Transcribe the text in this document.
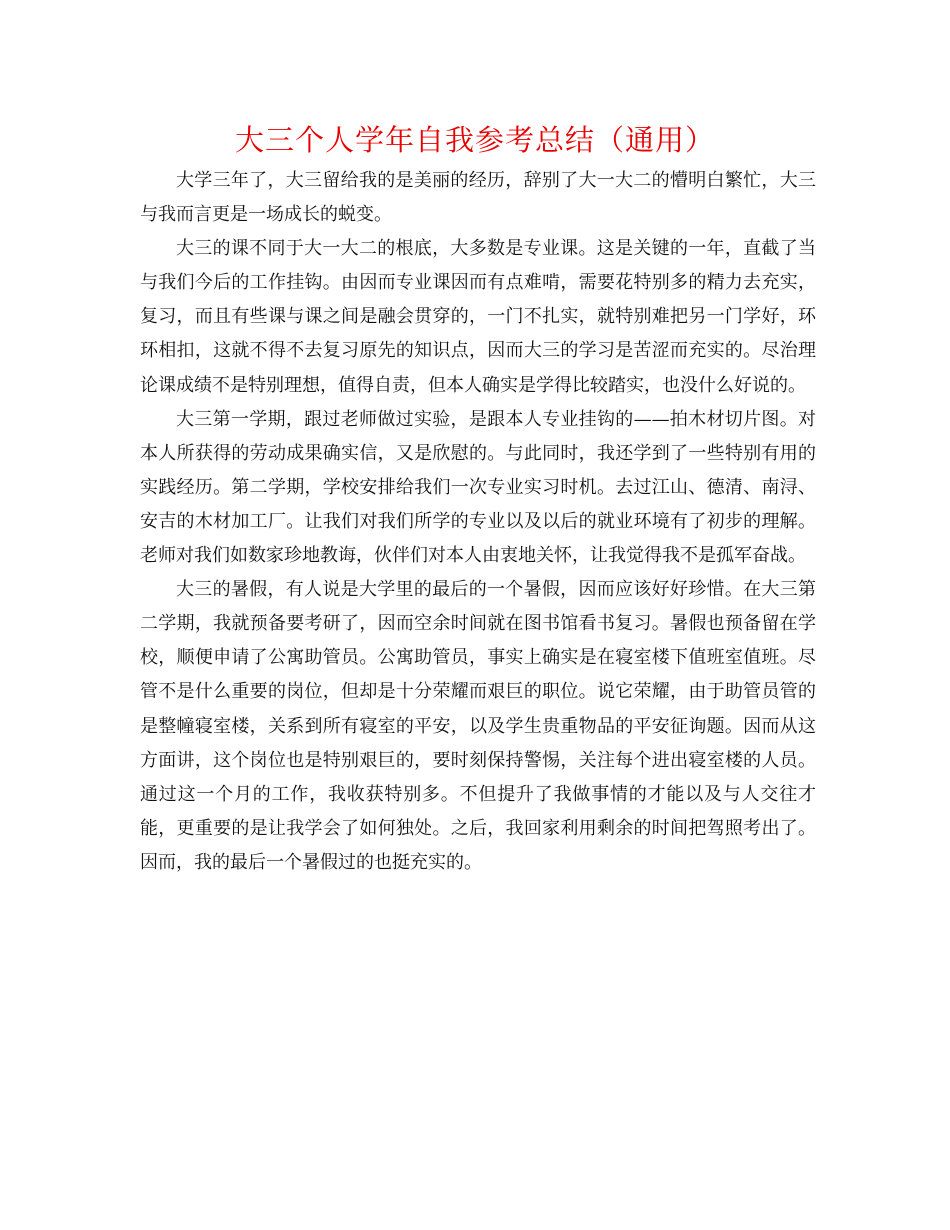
大三个人学年自我参考总结（通用）

大学三年了，大三留给我的是美丽的经历，辞别了大一大二的懵明白繁忙，大三与我而言更是一场成长的蜕变。

大三的课不同于大一大二的根底，大多数是专业课。这是关键的一年，直截了当与我们今后的工作挂钩。由因而专业课因而有点难啃，需要花特别多的精力去充实，复习，而且有些课与课之间是融会贯穿的，一门不扎实，就特别难把另一门学好，环环相扣，这就不得不去复习原先的知识点，因而大三的学习是苦涩而充实的。尽治理论课成绩不是特别理想，值得自责，但本人确实是学得比较踏实，也没什么好说的。

大三第一学期，跟过老师做过实验，是跟本人专业挂钩的——拍木材切片图。对本人所获得的劳动成果确实信，又是欣慰的。与此同时，我还学到了一些特别有用的实践经历。第二学期，学校安排给我们一次专业实习时机。去过江山、德清、南浔、安吉的木材加工厂。让我们对我们所学的专业以及以后的就业环境有了初步的理解。老师对我们如数家珍地教诲，伙伴们对本人由衷地关怀，让我觉得我不是孤军奋战。

大三的暑假，有人说是大学里的最后的一个暑假，因而应该好好珍惜。在大三第二学期，我就预备要考研了，因而空余时间就在图书馆看书复习。暑假也预备留在学校，顺便申请了公寓助管员。公寓助管员，事实上确实是在寝室楼下值班室值班。尽管不是什么重要的岗位，但却是十分荣耀而艰巨的职位。说它荣耀，由于助管员管的是整幢寝室楼，关系到所有寝室的平安，以及学生贵重物品的平安征询题。因而从这方面讲，这个岗位也是特别艰巨的，要时刻保持警惕，关注每个进出寝室楼的人员。通过这一个月的工作，我收获特别多。不但提升了我做事情的才能以及与人交往才能，更重要的是让我学会了如何独处。之后，我回家利用剩余的时间把驾照考出了。因而，我的最后一个暑假过的也挺充实的。
